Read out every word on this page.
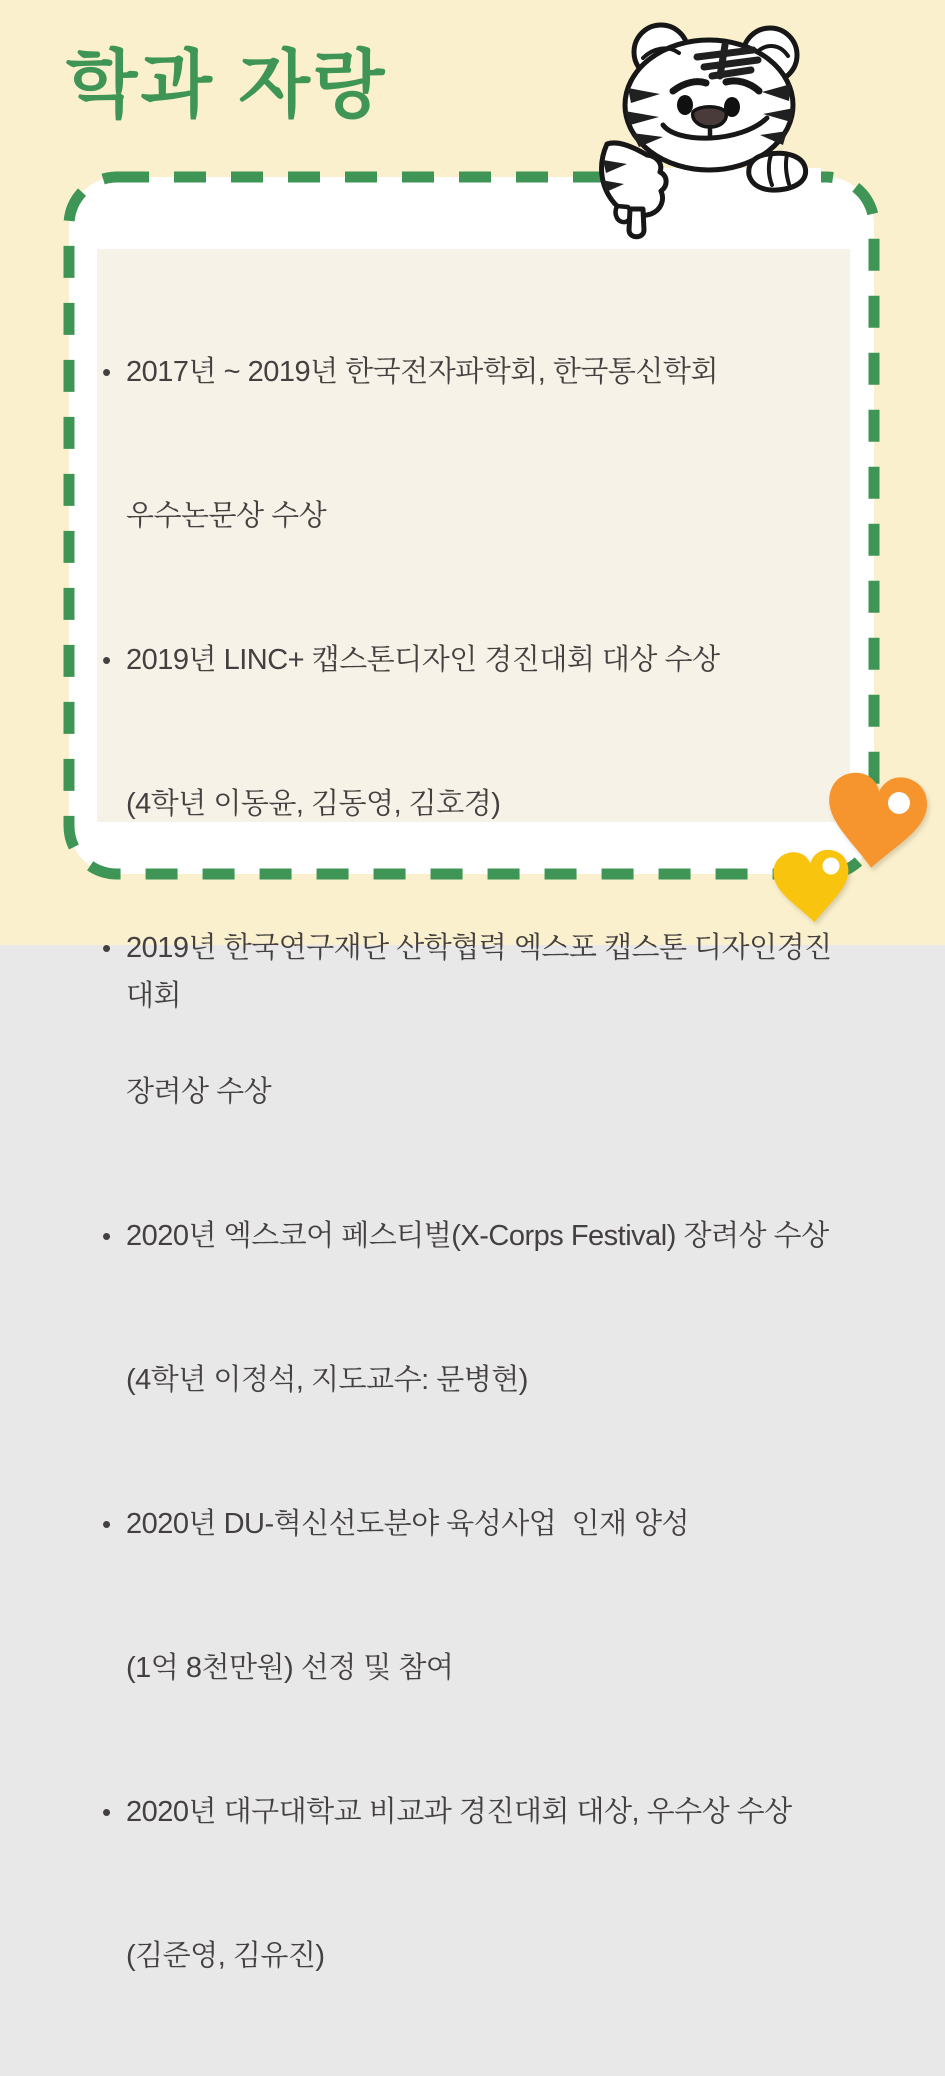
학과 자랑

• 2017년 ~ 2019년 한국전자파학회, 한국통신학회

우수논문상 수상

• 2019년 LINC+ 캡스톤디자인 경진대회 대상 수상

(4학년 이동윤, 김동영, 김호경)

• 2019년 한국연구재단 산학협력 엑스포 캡스톤 디자인경진대회

장려상 수상

• 2020년 엑스코어 페스티벌(X-Corps Festival) 장려상 수상

(4학년 이정석, 지도교수: 문병현)

• 2020년 DU-혁신선도분야 육성사업  인재 양성

(1억 8천만원) 선정 및 참여

• 2020년 대구대학교 비교과 경진대회 대상, 우수상 수상

(김준영, 김유진)
